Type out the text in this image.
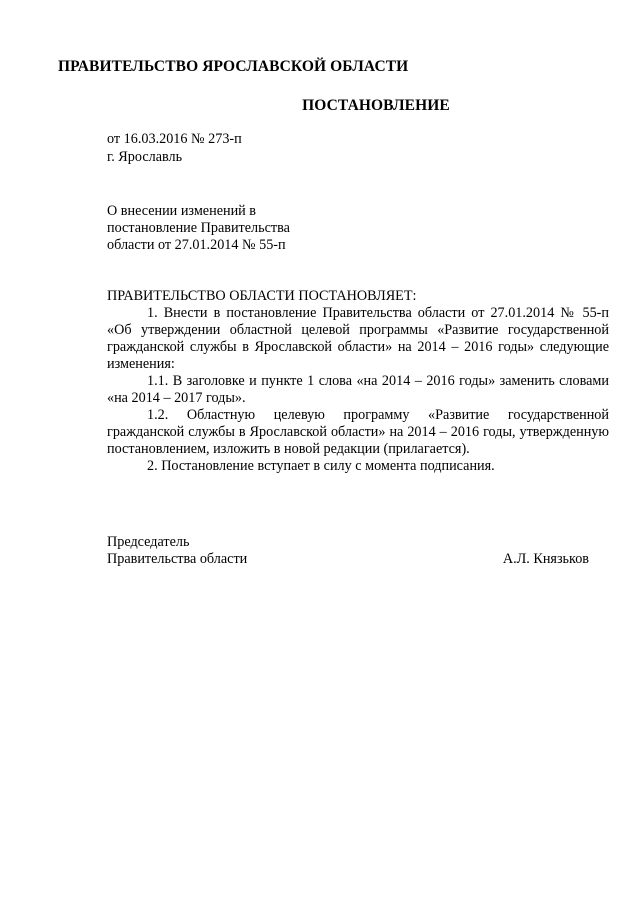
ПРАВИТЕЛЬСТВО ЯРОСЛАВСКОЙ ОБЛАСТИ
ПОСТАНОВЛЕНИЕ

от 16.03.2016 № 273-п

г. Ярославль

О внесении изменений в

постановление Правительства

области от 27.01.2014 № 55-п

ПРАВИТЕЛЬСТВО ОБЛАСТИ ПОСТАНОВЛЯЕТ:

1. Внести в постановление Правительства области от 27.01.2014 № 55-п «Об утверждении областной целевой программы «Развитие государственной гражданской службы в Ярославской области» на 2014 – 2016 годы» следующие изменения:

1.1. В заголовке и пункте 1 слова «на 2014 – 2016 годы» заменить словами «на 2014 – 2017 годы».

1.2. Областную целевую программу «Развитие государственной гражданской службы в Ярославской области» на 2014 – 2016 годы, утвержденную постановлением, изложить в новой редакции (прилагается).

2. Постановление вступает в силу с момента подписания.

Председатель

Правительства области	А.Л. Князьков
